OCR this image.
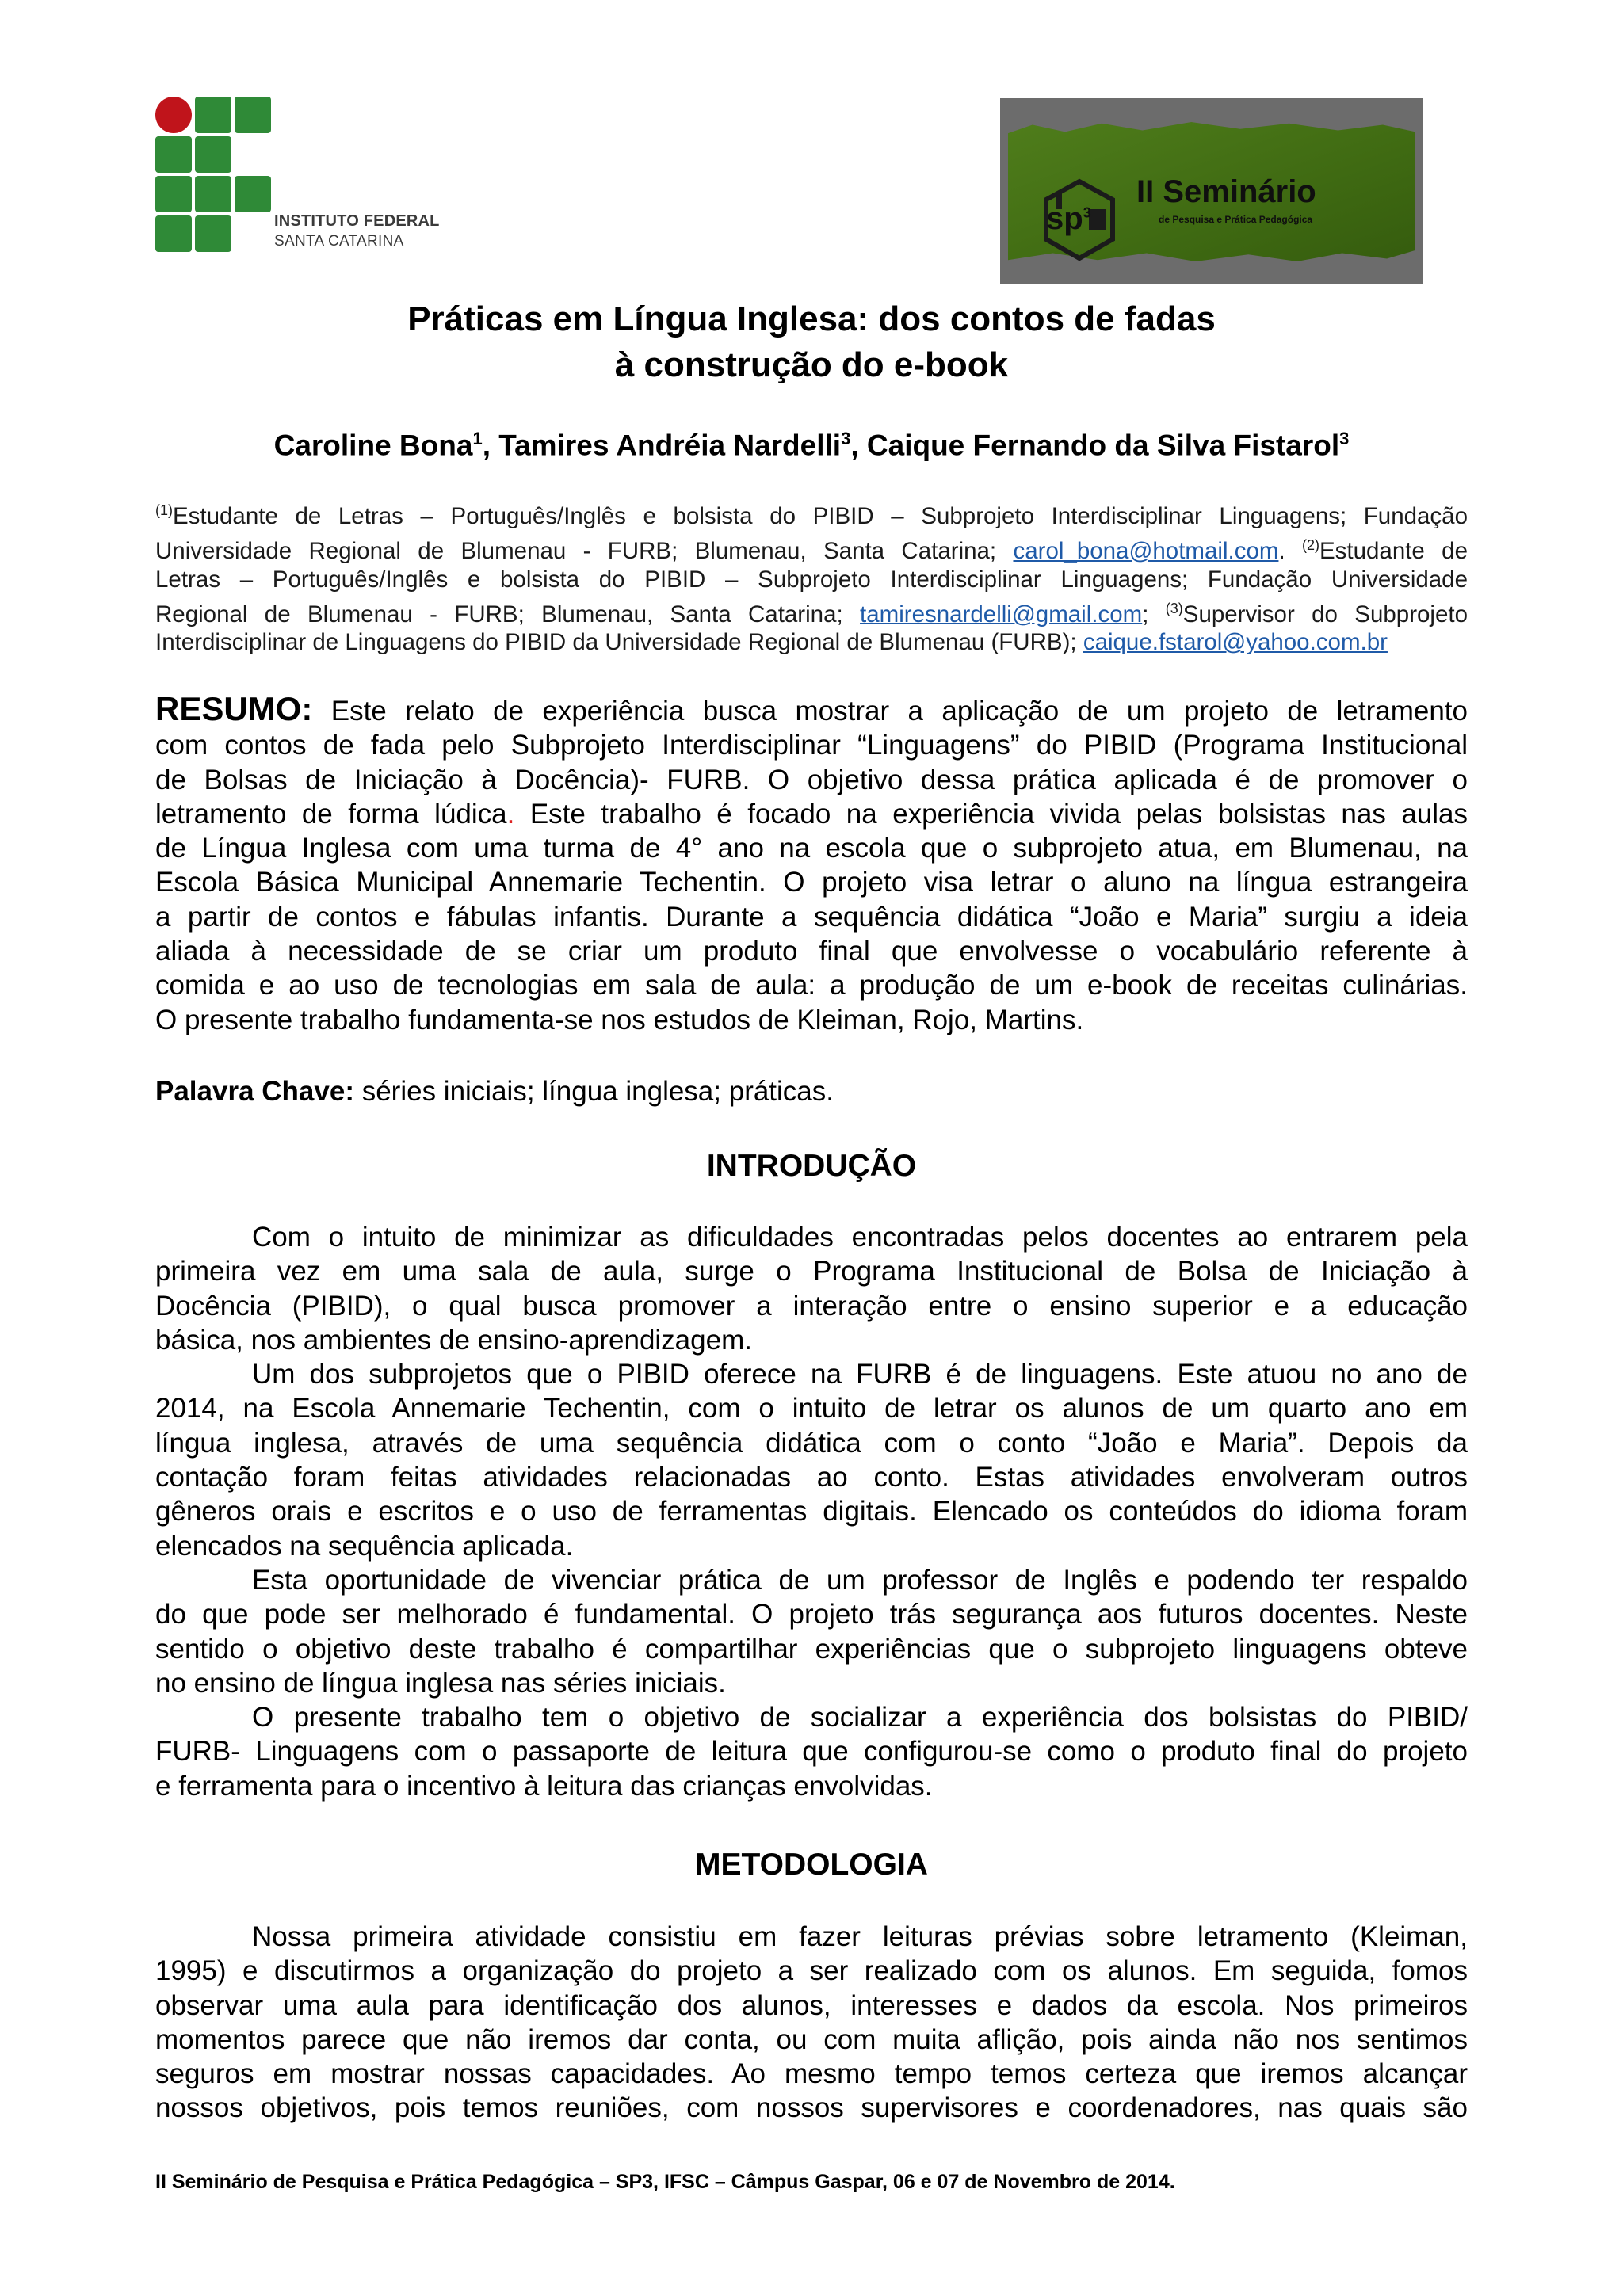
INSTITUTO FEDERAL
SANTA CATARINA
$sp^3$
II Seminário
de Pesquisa e Prática Pedagógica
Práticas em Língua Inglesa: dos contos de fadas
à construção do e-book
Caroline Bona$^1$, Tamires Andréia Nardelli$^3$, Caique Fernando da Silva Fistarol$^3$
$^{(1)}$Estudante de Letras – Português/Inglês e bolsista do PIBID – Subprojeto Interdisciplinar Linguagens; Fundação
Universidade Regional de Blumenau - FURB; Blumenau, Santa Catarina; carol_bona@hotmail.com. $^{(2)}$Estudante de
Letras – Português/Inglês e bolsista do PIBID – Subprojeto Interdisciplinar Linguagens; Fundação Universidade
Regional de Blumenau - FURB; Blumenau, Santa Catarina; tamiresnardelli@gmail.com; $^{(3)}$Supervisor do Subprojeto
Interdisciplinar de Linguagens do PIBID da Universidade Regional de Blumenau (FURB); caique.fstarol@yahoo.com.br
RESUMO: Este relato de experiência busca mostrar a aplicação de um projeto de letramento
com contos de fada pelo Subprojeto Interdisciplinar “Linguagens” do PIBID (Programa Institucional
de Bolsas de Iniciação à Docência)- FURB. O objetivo dessa prática aplicada é de promover o
letramento de forma lúdica. Este trabalho é focado na experiência vivida pelas bolsistas nas aulas
de Língua Inglesa com uma turma de 4° ano na escola que o subprojeto atua, em Blumenau, na
Escola Básica Municipal Annemarie Techentin. O projeto visa letrar o aluno na língua estrangeira
a partir de contos e fábulas infantis. Durante a sequência didática “João e Maria” surgiu a ideia
aliada à necessidade de se criar um produto final que envolvesse o vocabulário referente à
comida e ao uso de tecnologias em sala de aula: a produção de um e-book de receitas culinárias.
O presente trabalho fundamenta-se nos estudos de Kleiman, Rojo, Martins.
Palavra Chave: séries iniciais; língua inglesa; práticas.
INTRODUÇÃO
Com o intuito de minimizar as dificuldades encontradas pelos docentes ao entrarem pela
primeira vez em uma sala de aula, surge o Programa Institucional de Bolsa de Iniciação à
Docência (PIBID), o qual busca promover a interação entre o ensino superior e a educação
básica, nos ambientes de ensino-aprendizagem.
Um dos subprojetos que o PIBID oferece na FURB é de linguagens. Este atuou no ano de
2014, na Escola Annemarie Techentin, com o intuito de letrar os alunos de um quarto ano em
língua inglesa, através de uma sequência didática com o conto “João e Maria”. Depois da
contação foram feitas atividades relacionadas ao conto. Estas atividades envolveram outros
gêneros orais e escritos e o uso de ferramentas digitais. Elencado os conteúdos do idioma foram
elencados na sequência aplicada.
Esta oportunidade de vivenciar prática de um professor de Inglês e podendo ter respaldo
do que pode ser melhorado é fundamental. O projeto trás segurança aos futuros docentes. Neste
sentido o objetivo deste trabalho é compartilhar experiências que o subprojeto linguagens obteve
no ensino de língua inglesa nas séries iniciais.
O presente trabalho tem o objetivo de socializar a experiência dos bolsistas do PIBID/
FURB- Linguagens com o passaporte de leitura que configurou-se como o produto final do projeto
e ferramenta para o incentivo à leitura das crianças envolvidas.
METODOLOGIA
Nossa primeira atividade consistiu em fazer leituras prévias sobre letramento (Kleiman,
1995) e discutirmos a organização do projeto a ser realizado com os alunos. Em seguida, fomos
observar uma aula para identificação dos alunos, interesses e dados da escola. Nos primeiros
momentos parece que não iremos dar conta, ou com muita aflição, pois ainda não nos sentimos
seguros em mostrar nossas capacidades. Ao mesmo tempo temos certeza que iremos alcançar
nossos objetivos, pois temos reuniões, com nossos supervisores e coordenadores, nas quais são
II Seminário de Pesquisa e Prática Pedagógica – SP3, IFSC – Câmpus Gaspar, 06 e 07 de Novembro de 2014.
